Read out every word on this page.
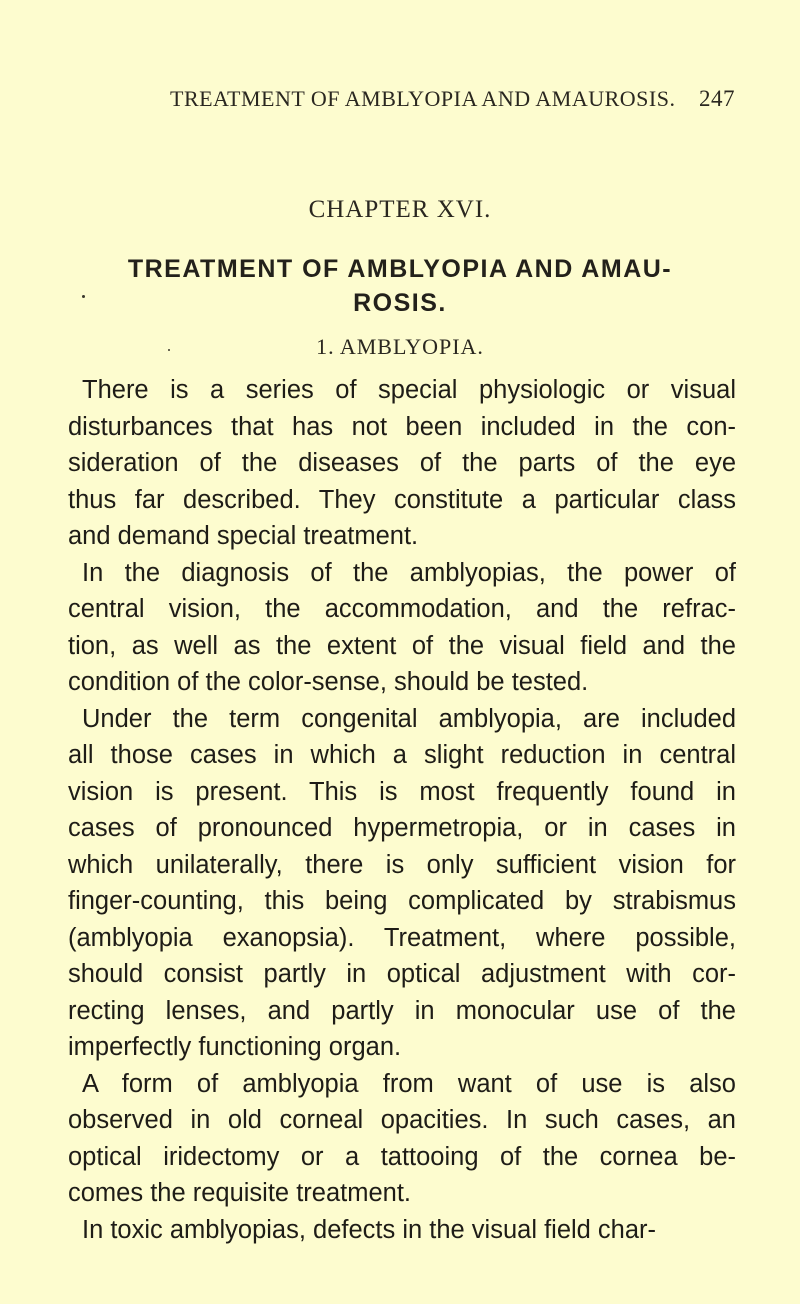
TREATMENT OF AMBLYOPIA AND AMAUROSIS. 247
CHAPTER XVI.
TREATMENT OF AMBLYOPIA AND AMAU-
ROSIS.
1. AMBLYOPIA.
There is a series of special physiologic or visual
disturbances that has not been included in the con-
sideration of the diseases of the parts of the eye
thus far described. They constitute a particular class
and demand special treatment.
In the diagnosis of the amblyopias, the power of
central vision, the accommodation, and the refrac-
tion, as well as the extent of the visual field and the
condition of the color-sense, should be tested.
Under the term congenital amblyopia, are included
all those cases in which a slight reduction in central
vision is present. This is most frequently found in
cases of pronounced hypermetropia, or in cases in
which unilaterally, there is only sufficient vision for
finger-counting, this being complicated by strabismus
(amblyopia exanopsia). Treatment, where possible,
should consist partly in optical adjustment with cor-
recting lenses, and partly in monocular use of the
imperfectly functioning organ.
A form of amblyopia from want of use is also
observed in old corneal opacities. In such cases, an
optical iridectomy or a tattooing of the cornea be-
comes the requisite treatment.
In toxic amblyopias, defects in the visual field char-
